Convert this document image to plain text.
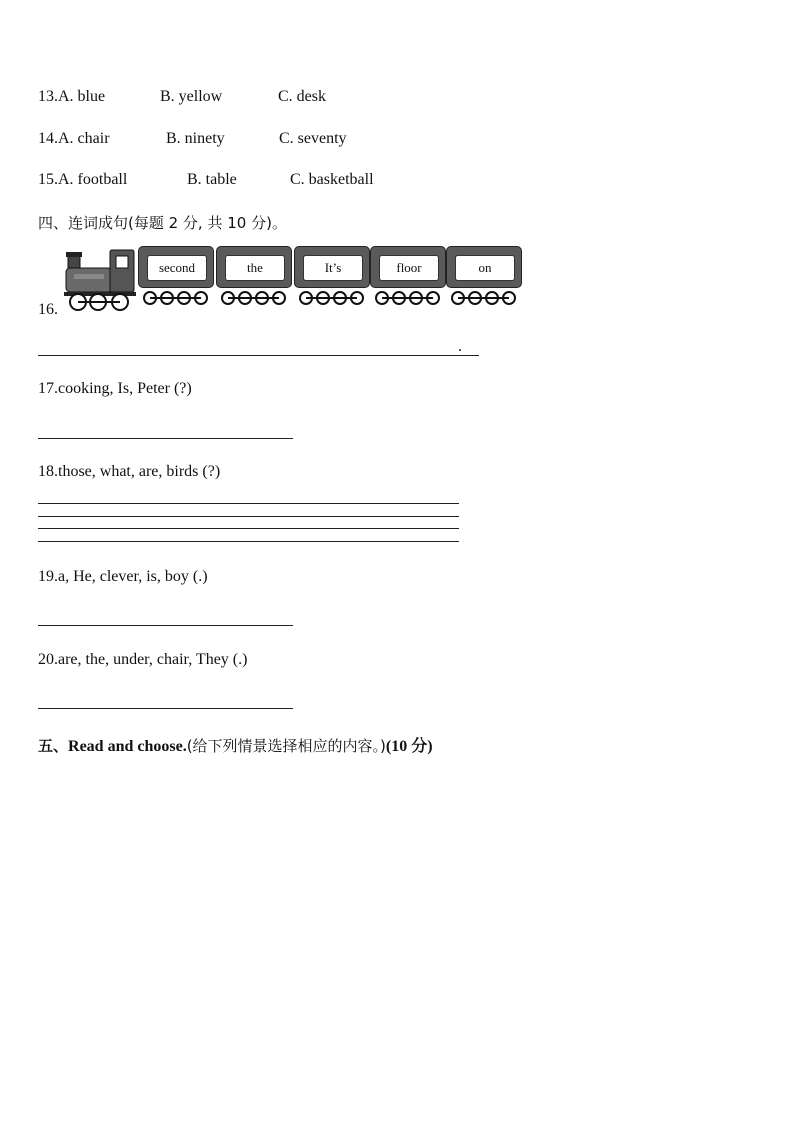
13.A. blue	B. yellow	C. desk
14.A. chair	B. ninety	C. seventy
15.A. football	B. table	C. basketball
四、连词成句(每题 2 分, 共 10 分)。
16.
second	the	It’s	floor	on
.
17.cooking, Is, Peter (?)
18.those, what, are, birds (?)
19.a, He, clever, is, boy (.)
20.are, the, under, chair, They (.)
五、Read and choose.(给下列情景选择相应的内容。)(10 分)
